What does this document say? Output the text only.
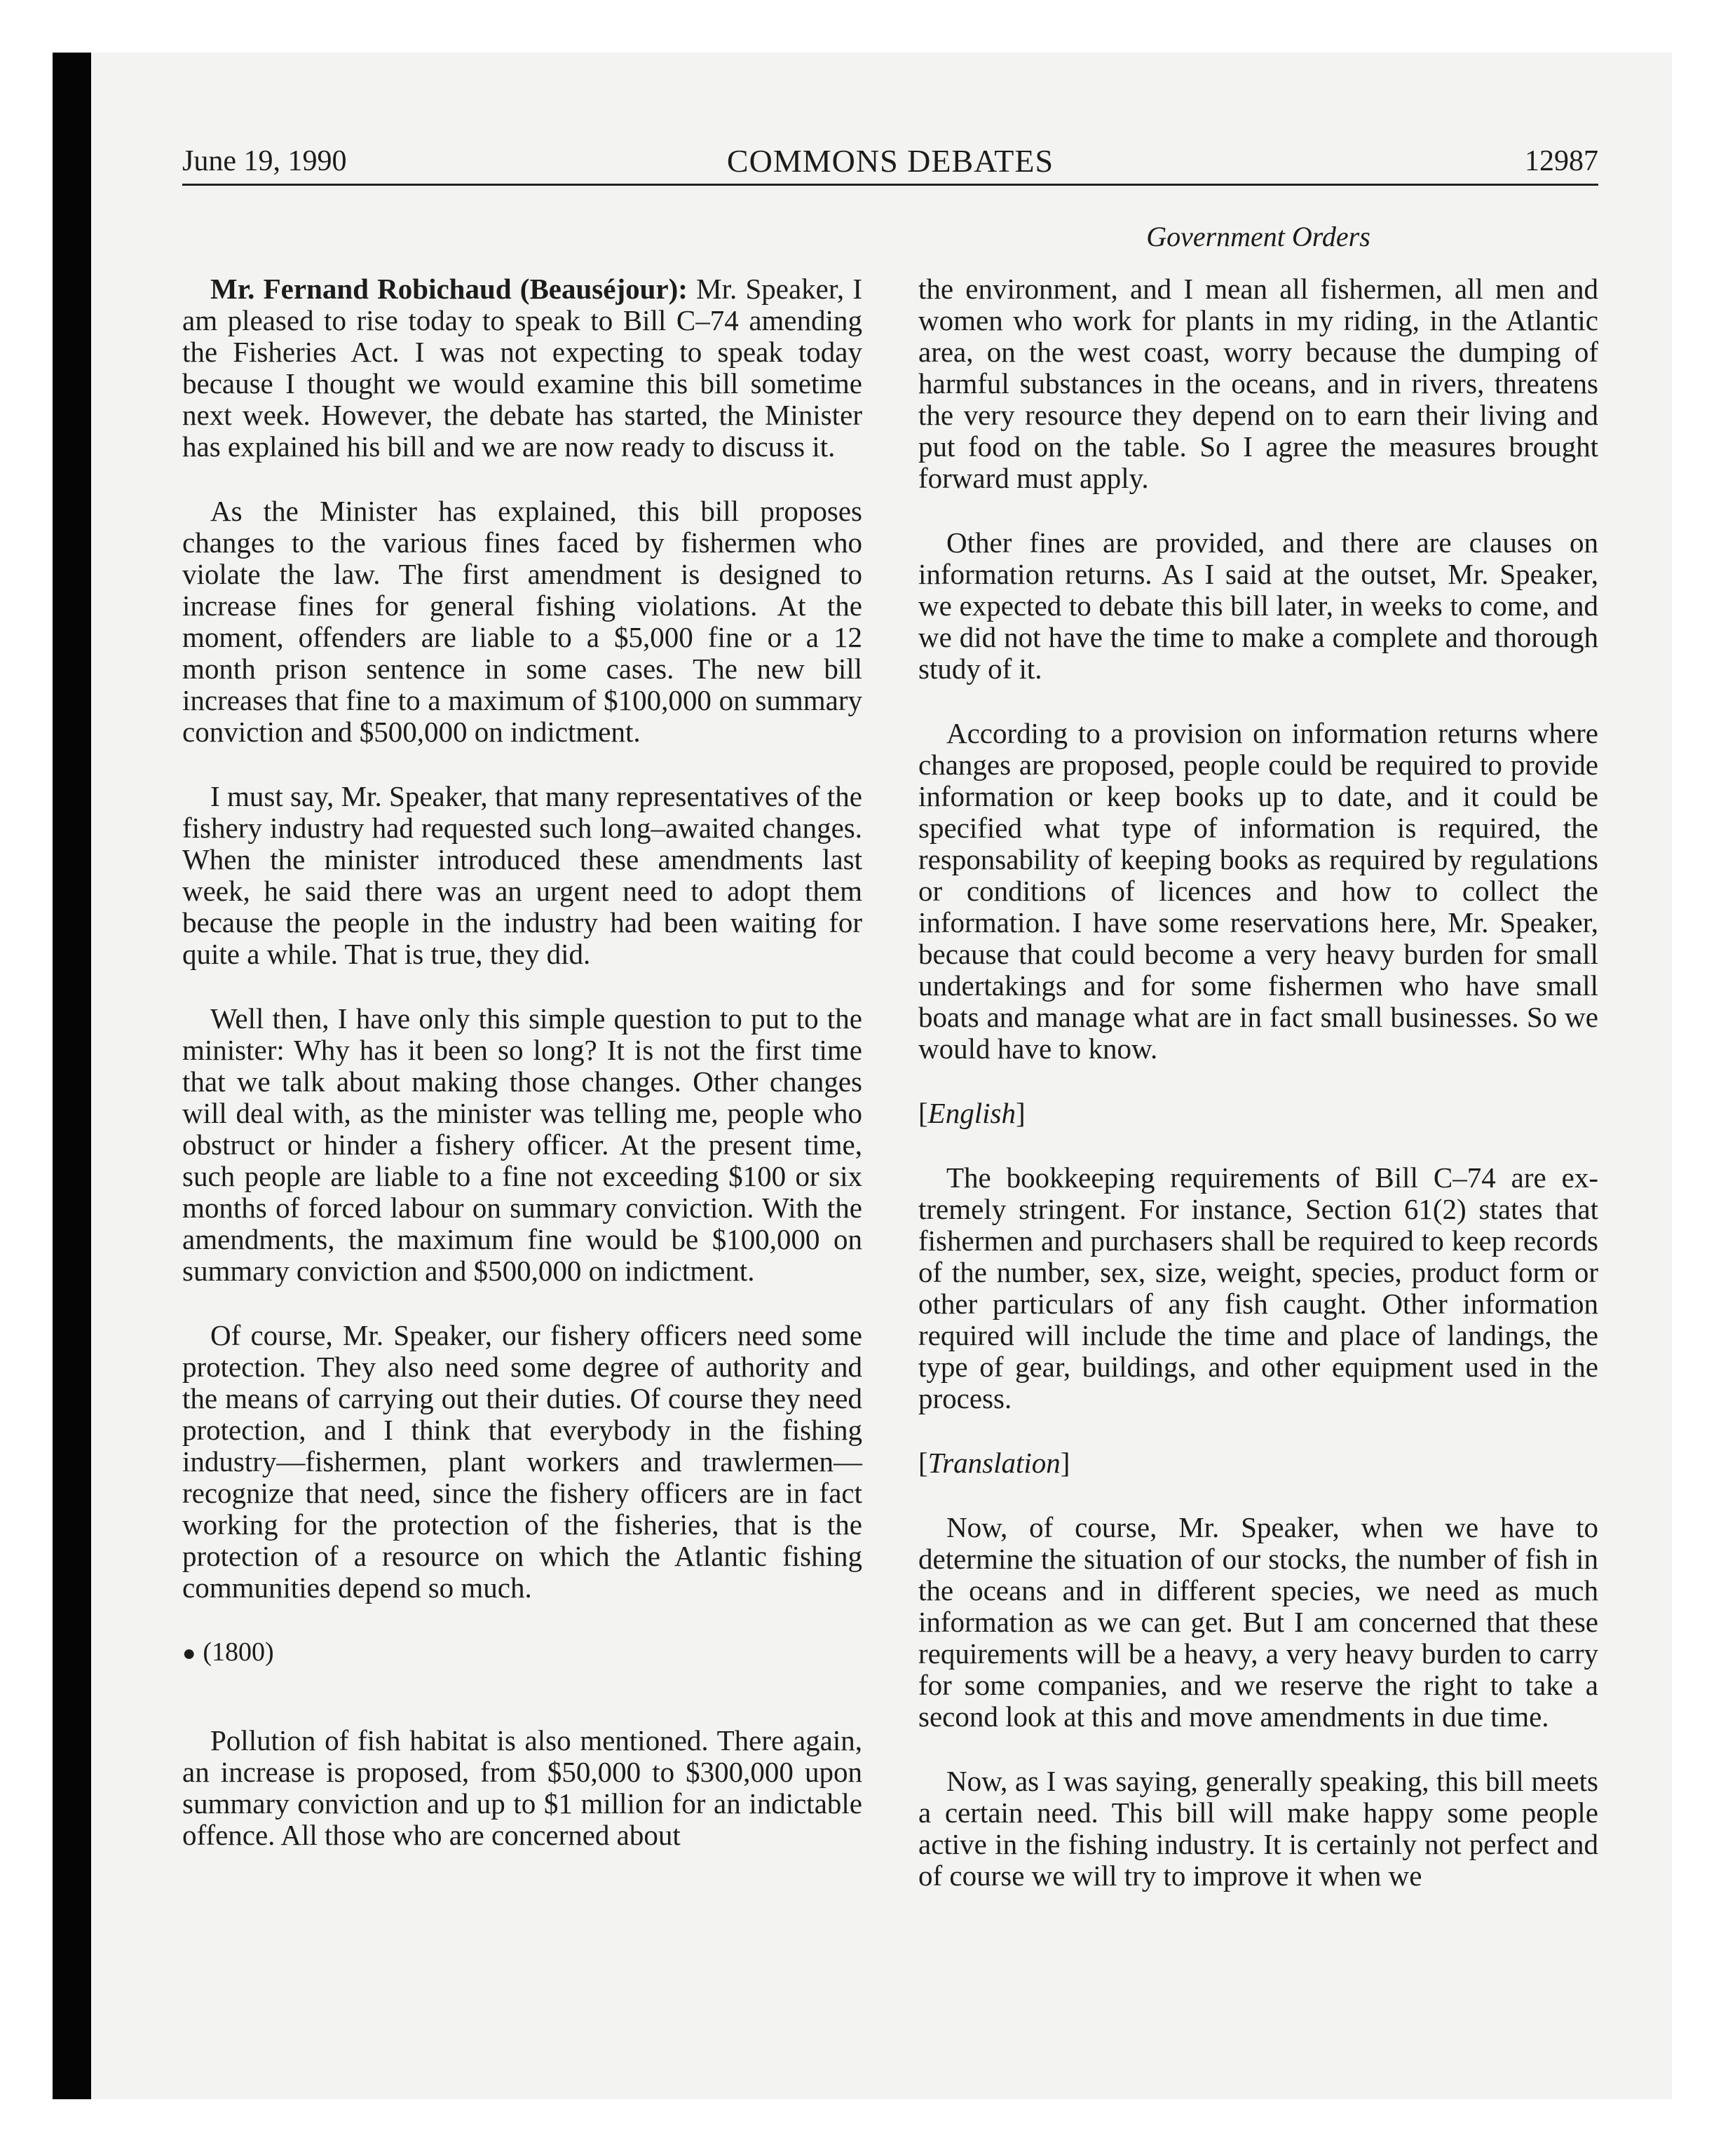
June 19, 1990	COMMONS DEBATES	12987
Government Orders

Mr. Fernand Robichaud (Beauséjour): Mr. Speaker, I am pleased to rise today to speak to Bill C–74 amending the Fisheries Act. I was not expecting to speak today because I thought we would examine this bill sometime next week. However, the debate has started, the Minister has explained his bill and we are now ready to discuss it.

As the Minister has explained, this bill proposes changes to the various fines faced by fishermen who violate the law. The first amendment is designed to increase fines for general fishing violations. At the moment, offenders are liable to a $5,000 fine or a 12 month prison sentence in some cases. The new bill increases that fine to a maximum of $100,000 on summary conviction and $500,000 on indictment.

I must say, Mr. Speaker, that many representatives of the fishery industry had requested such long–awaited changes. When the minister introduced these amendments last week, he said there was an urgent need to adopt them because the people in the industry had been waiting for quite a while. That is true, they did.

Well then, I have only this simple question to put to the minister: Why has it been so long? It is not the first time that we talk about making those changes. Other changes will deal with, as the minister was telling me, people who obstruct or hinder a fishery officer. At the present time, such people are liable to a fine not exceeding $100 or six months of forced labour on summary conviction. With the amendments, the maximum fine would be $100,000 on summary conviction and $500,000 on indictment.

Of course, Mr. Speaker, our fishery officers need some protection. They also need some degree of authority and the means of carrying out their duties. Of course they need protection, and I think that everybody in the fishing industry—fishermen, plant workers and trawlermen— recognize that need, since the fishery officers are in fact working for the protection of the fisheries, that is the protection of a resource on which the Atlantic fishing communities depend so much.

● (1800)

Pollution of fish habitat is also mentioned. There again, an increase is proposed, from $50,000 to $300,000 upon summary conviction and up to $1 million for an indictable offence. All those who are concerned about

the environment, and I mean all fishermen, all men and women who work for plants in my riding, in the Atlantic area, on the west coast, worry because the dumping of harmful substances in the oceans, and in rivers, threatens the very resource they depend on to earn their living and put food on the table. So I agree the measures brought forward must apply.

Other fines are provided, and there are clauses on information returns. As I said at the outset, Mr. Speaker, we expected to debate this bill later, in weeks to come, and we did not have the time to make a complete and thorough study of it.

According to a provision on information returns where changes are proposed, people could be required to provide information or keep books up to date, and it could be specified what type of information is required, the responsability of keeping books as required by regulations or conditions of licences and how to collect the information. I have some reservations here, Mr. Speaker, because that could become a very heavy burden for small undertakings and for some fishermen who have small boats and manage what are in fact small businesses. So we would have to know.

[English]

The bookkeeping requirements of Bill C–74 are extremely stringent. For instance, Section 61(2) states that fishermen and purchasers shall be required to keep records of the number, sex, size, weight, species, product form or other particulars of any fish caught. Other information required will include the time and place of landings, the type of gear, buildings, and other equipment used in the process.

[Translation]

Now, of course, Mr. Speaker, when we have to determine the situation of our stocks, the number of fish in the oceans and in different species, we need as much information as we can get. But I am concerned that these requirements will be a heavy, a very heavy burden to carry for some companies, and we reserve the right to take a second look at this and move amendments in due time.

Now, as I was saying, generally speaking, this bill meets a certain need. This bill will make happy some people active in the fishing industry. It is certainly not perfect and of course we will try to improve it when we
